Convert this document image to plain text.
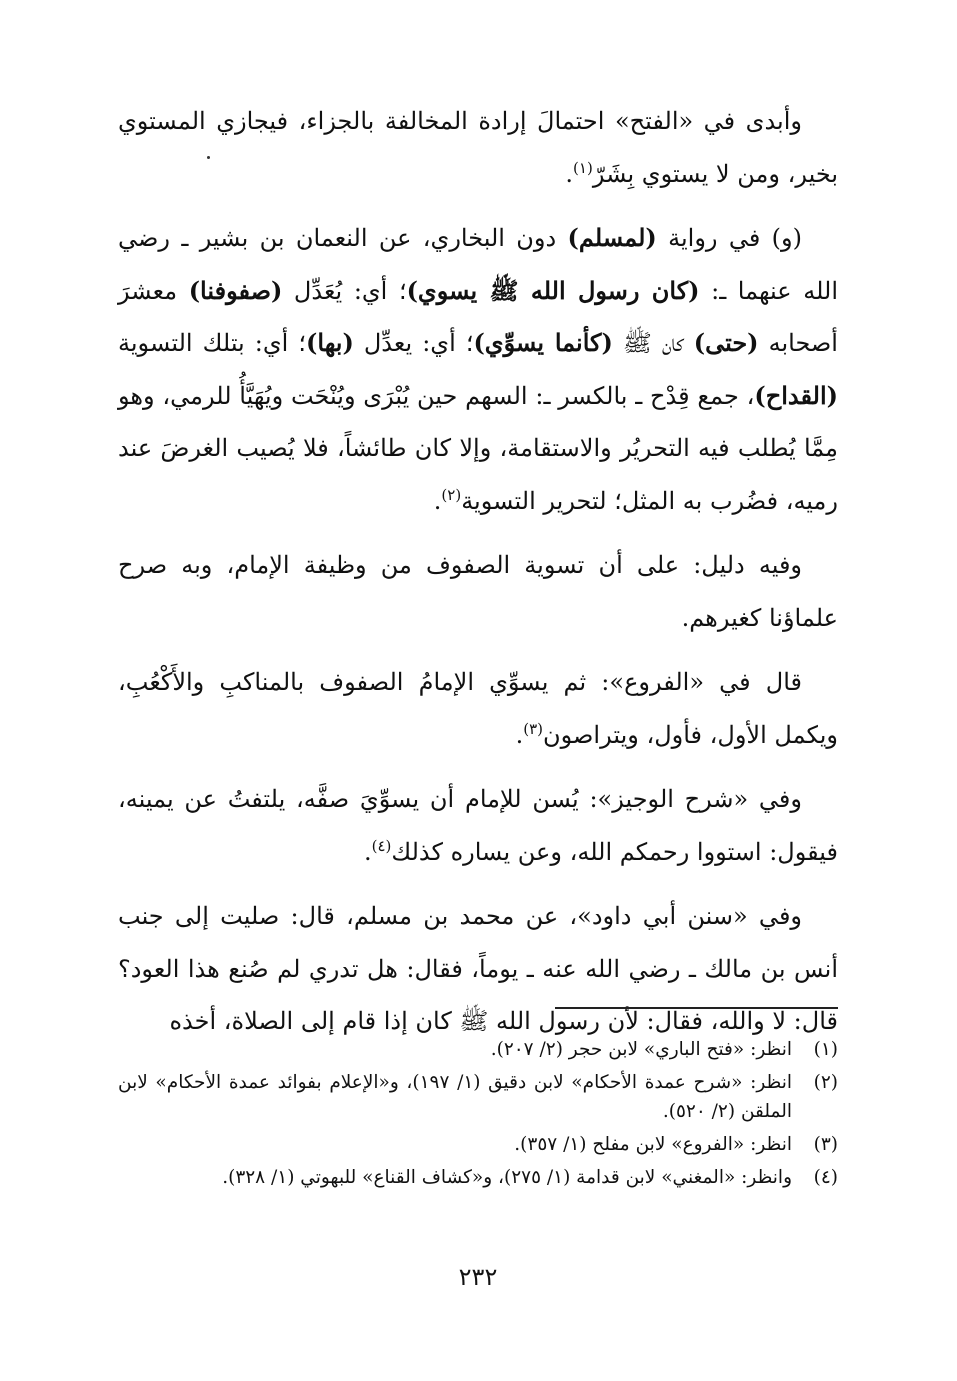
وأبدى في «الفتح» احتمالَ إرادة المخالفة بالجزاء، فيجازي المستوي بخير، ومن لا يستوي بِشَرّ$^{(١)}$.

(و) في رواية (لمسلم) دون البخاري، عن النعمان بن بشير ـ رضي الله عنهما ـ: (كان رسول الله ﷺ يسوي)؛ أي: يُعَدِّل (صفوفنا) معشرَ أصحابه (حتى) كان ﷺ (كأنما يسوِّي)؛ أي: يعدِّل (بها)؛ أي: بتلك التسوية (القداح)، جمع قِدْح ـ بالكسر ـ: السهم حين يُبْرَى ويُنْحَت ويُهَيَّأُ للرمي، وهو مِمَّا يُطلب فيه التحريُر والاستقامة، وإلا كان طائشاً، فلا يُصيب الغرضَ عند رميه، فضُرب به المثل؛ لتحرير التسوية$^{(٢)}$.

وفيه دليل: على أن تسوية الصفوف من وظيفة الإمام، وبه صرح علماؤنا كغيرهم.

قال في «الفروع»: ثم يسوِّي الإمامُ الصفوف بالمناكبِ والأَكْعُبِ، ويكمل الأول، فأول، ويتراصون$^{(٣)}$.

وفي «شرح الوجيز»: يُسن للإمام أن يسوِّيَ صفَّه، يلتفتُ عن يمينه، فيقول: استووا رحمكم الله، وعن يساره كذلك$^{(٤)}$.

وفي «سنن أبي داود»، عن محمد بن مسلم، قال: صليت إلى جنب أنس بن مالك ـ رضي الله عنه ـ يوماً، فقال: هل تدري لم صُنع هذا العود؟ قال: لا والله، فقال: لأن رسول الله ﷺ كان إذا قام إلى الصلاة، أخذه

(١)
انظر: «فتح الباري» لابن حجر (٢/ ٢٠٧).
(٢)
انظر: «شرح عمدة الأحكام» لابن دقيق (١/ ١٩٧)، و«الإعلام بفوائد عمدة الأحكام» لابن الملقن (٢/ ٥٢٠).
(٣)
انظر: «الفروع» لابن مفلح (١/ ٣٥٧).
(٤)
وانظر: «المغني» لابن قدامة (١/ ٢٧٥)، و«كشاف القناع» للبهوتي (١/ ٣٢٨).
٢٣٢
